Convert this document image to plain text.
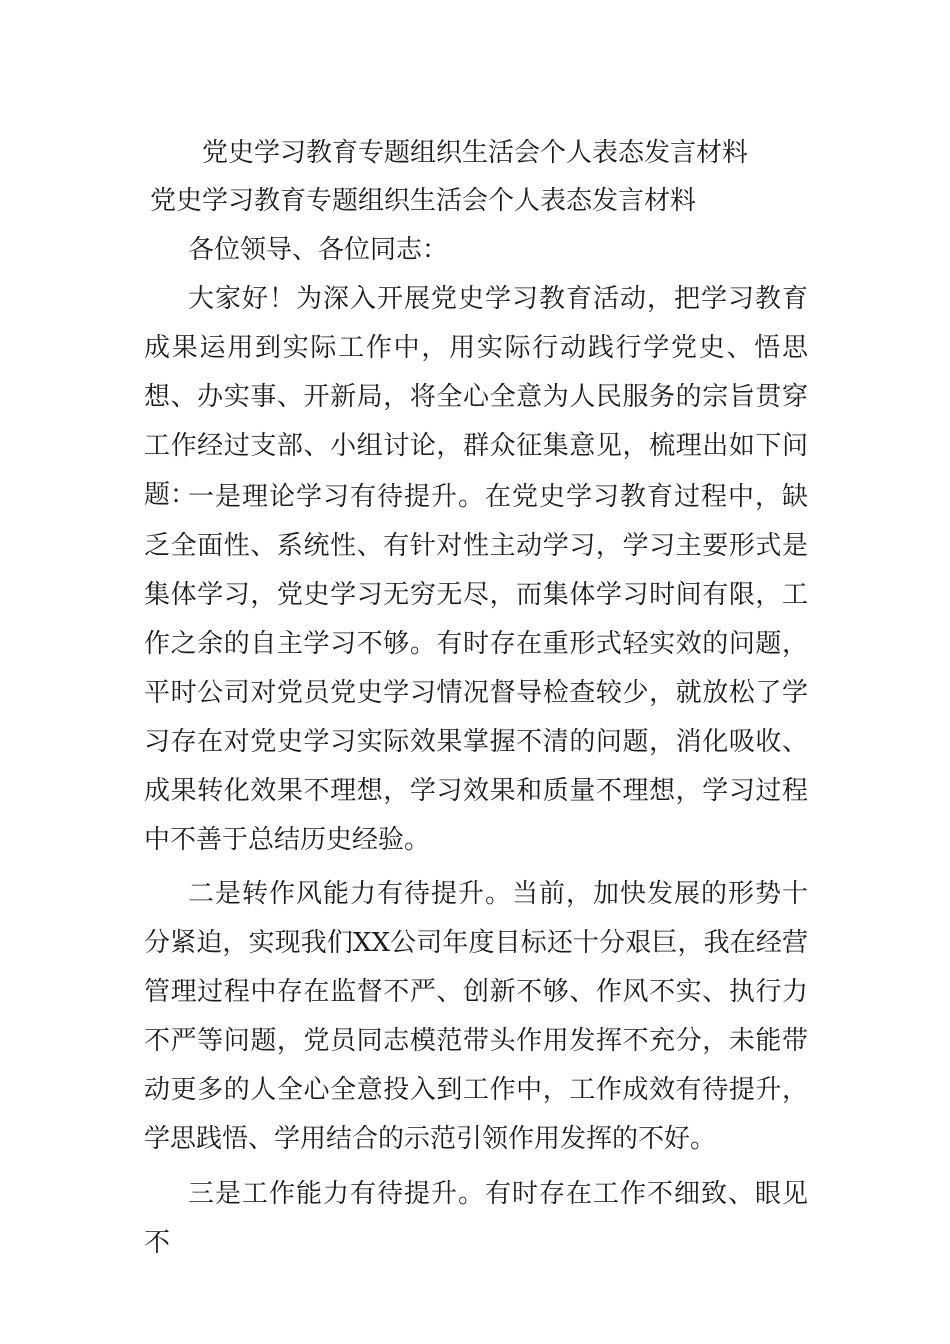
党史学习教育专题组织生活会个人表态发言材料
党史学习教育专题组织生活会个人表态发言材料

各位领导、各位同志：

大家好！为深入开展党史学习教育活动，把学习教育成果运用到实际工作中，用实际行动践行学党史、悟思想、办实事、开新局，将全心全意为人民服务的宗旨贯穿工作经过支部、小组讨论，群众征集意见，梳理出如下问题：

一是理论学习有待提升。在党史学习教育过程中，缺乏全面性、系统性、有针对性主动学习，学习主要形式是集体学习，党史学习无穷无尽，而集体学习时间有限，工作之余的自主学习不够。有时存在重形式轻实效的问题，平时公司对党员党史学习情况督导检查较少，就放松了学习存在对党史学习实际效果掌握不清的问题，消化吸收、成果转化效果不理想，学习效果和质量不理想，学习过程中不善于总结历史经验。

二是转作风能力有待提升。当前，加快发展的形势十分紧迫，实现我们XX公司年度目标还十分艰巨，我在经营管理过程中存在监督不严、创新不够、作风不实、执行力不严等问题，党员同志模范带头作用发挥不充分，未能带动更多的人全心全意投入到工作中，工作成效有待提升，学思践悟、学用结合的示范引领作用发挥的不好。

三是工作能力有待提升。有时存在工作不细致、眼见不
